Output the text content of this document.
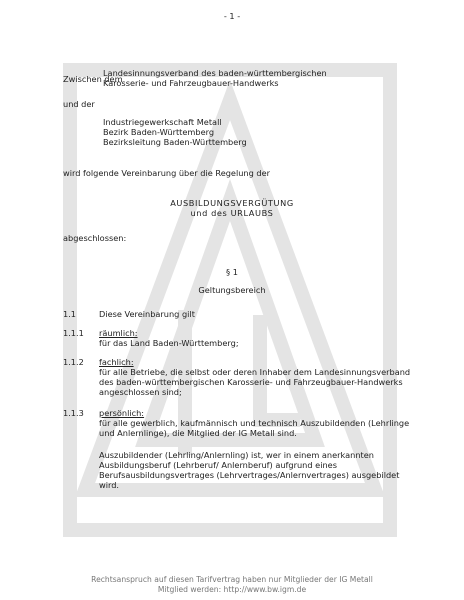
- 1 -
Zwischen dem
Landesinnungsverband des baden-württembergischen
Karosserie- und Fahrzeugbauer-Handwerks
und der
Industriegewerkschaft Metall
Bezirk Baden-Württemberg
Bezirksleitung Baden-Württemberg
wird folgende Vereinbarung über die Regelung der
AUSBILDUNGSVERGÜTUNG
und des URLAUBS
abgeschlossen:
§ 1
Geltungsbereich
1.1	Diese Vereinbarung gilt
1.1.1 räumlich:
für das Land Baden-Württemberg;
1.1.2 fachlich:
für alle Betriebe, die selbst oder deren Inhaber dem Landesinnungsverband
des baden-württembergischen Karosserie- und Fahrzeugbauer-Handwerks
angeschlossen sind;
1.1.3 persönlich:
für alle gewerblich, kaufmännisch und technisch Auszubildenden (Lehrlinge
und Anlernlinge), die Mitglied der IG Metall sind.
Auszubildender (Lehrling/Anlernling) ist, wer in einem anerkannten
Ausbildungsberuf (Lehrberuf/ Anlernberuf) aufgrund eines
Berufsausbildungsvertrages (Lehrvertrages/Anlernvertrages) ausgebildet
wird.
Rechtsanspruch auf diesen Tarifvertrag haben nur Mitglieder der IG Metall
Mitglied werden: http://www.bw.igm.de
